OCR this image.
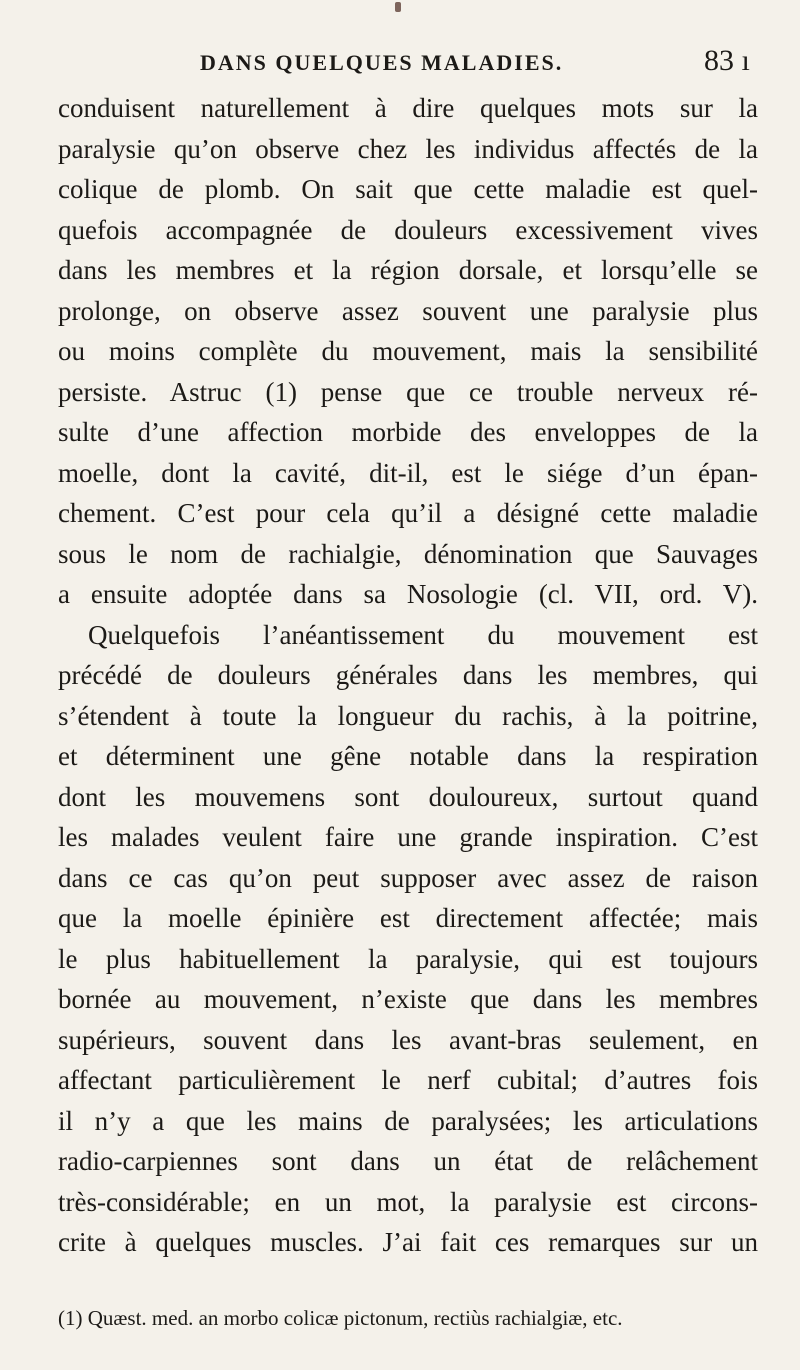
DANS QUELQUES MALADIES.	83 ı
conduisent naturellement à dire quelques mots sur la
paralysie qu’on observe chez les individus affectés de la
colique de plomb. On sait que cette maladie est quel-
quefois accompagnée de douleurs excessivement vives
dans les membres et la région dorsale, et lorsqu’elle se
prolonge, on observe assez souvent une paralysie plus
ou moins complète du mouvement, mais la sensibilité
persiste. Astruc (1) pense que ce trouble nerveux ré-
sulte d’une affection morbide des enveloppes de la
moelle, dont la cavité, dit-il, est le siége d’un épan-
chement. C’est pour cela qu’il a désigné cette maladie
sous le nom de rachialgie, dénomination que Sauvages
a ensuite adoptée dans sa Nosologie (cl. VII, ord. V).
Quelquefois l’anéantissement du mouvement est
précédé de douleurs générales dans les membres, qui
s’étendent à toute la longueur du rachis, à la poitrine,
et déterminent une gêne notable dans la respiration
dont les mouvemens sont douloureux, surtout quand
les malades veulent faire une grande inspiration. C’est
dans ce cas qu’on peut supposer avec assez de raison
que la moelle épinière est directement affectée; mais
le plus habituellement la paralysie, qui est toujours
bornée au mouvement, n’existe que dans les membres
supérieurs, souvent dans les avant-bras seulement, en
affectant particulièrement le nerf cubital; d’autres fois
il n’y a que les mains de paralysées; les articulations
radio-carpiennes sont dans un état de relâchement
très-considérable; en un mot, la paralysie est circons-
crite à quelques muscles. J’ai fait ces remarques sur un
(1) Quæst. med. an morbo colicæ pictonum, rectiùs rachialgiæ, etc.
